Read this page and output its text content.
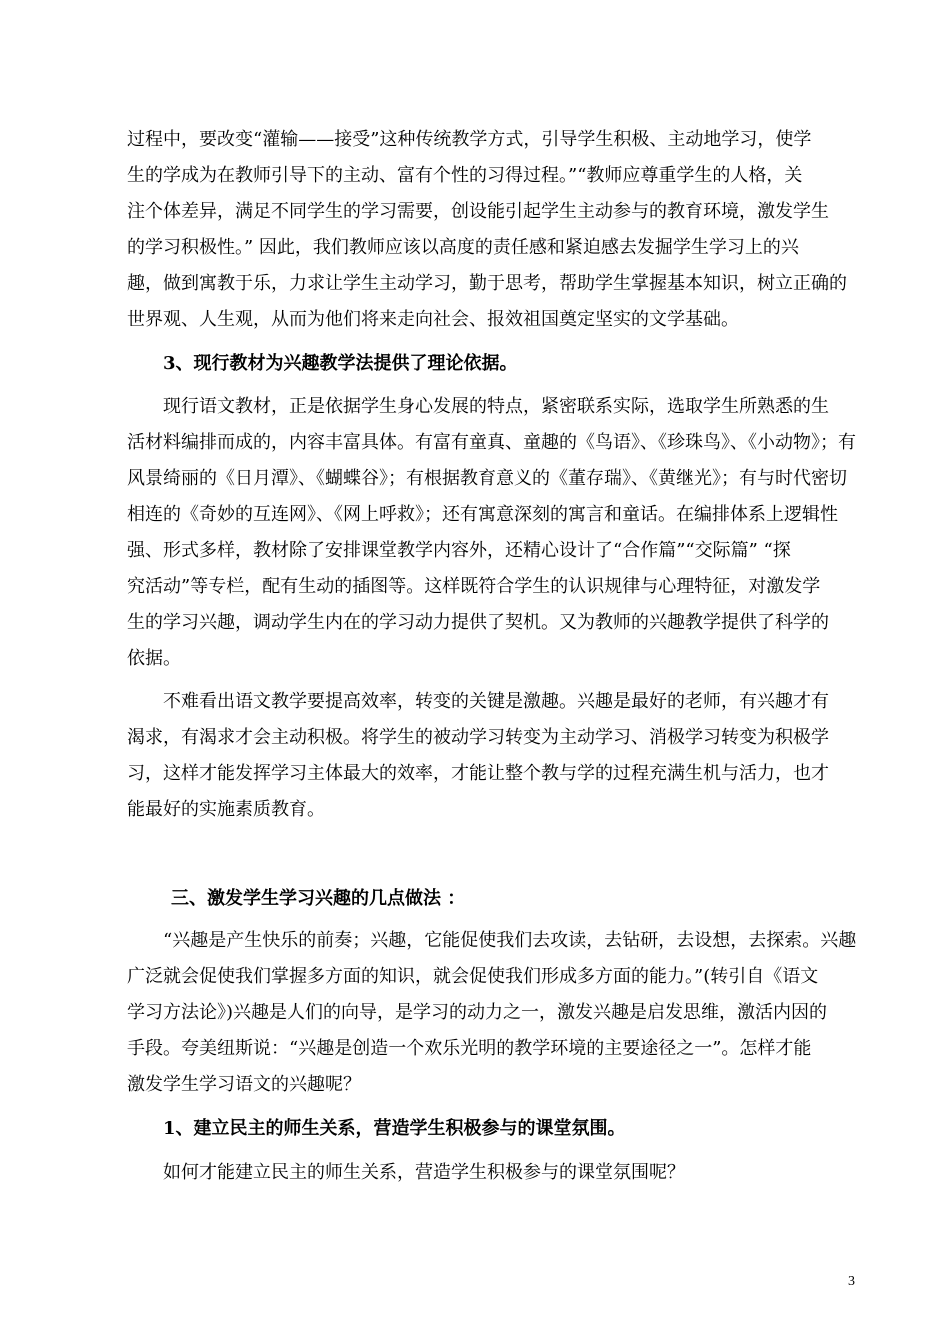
过程中，要改变“灌输——接受”这种传统教学方式，引导学生积极、主动地学习，使学
生的学成为在教师引导下的主动、富有个性的习得过程。”“教师应尊重学生的人格，关
注个体差异，满足不同学生的学习需要，创设能引起学生主动参与的教育环境，激发学生
的学习积极性。” 因此，我们教师应该以高度的责任感和紧迫感去发掘学生学习上的兴
趣，做到寓教于乐，力求让学生主动学习，勤于思考，帮助学生掌握基本知识，树立正确的
世界观、人生观，从而为他们将来走向社会、报效祖国奠定坚实的文学基础。
3、现行教材为兴趣教学法提供了理论依据。
现行语文教材，正是依据学生身心发展的特点，紧密联系实际，选取学生所熟悉的生
活材料编排而成的，内容丰富具体。有富有童真、童趣的《鸟语》、《珍珠鸟》、《小动物》；有
风景绮丽的《日月潭》、《蝴蝶谷》；有根据教育意义的《董存瑞》、《黄继光》；有与时代密切
相连的《奇妙的互连网》、《网上呼救》；还有寓意深刻的寓言和童话。在编排体系上逻辑性
强、形式多样，教材除了安排课堂教学内容外，还精心设计了“合作篇”“交际篇” “探
究活动”等专栏，配有生动的插图等。这样既符合学生的认识规律与心理特征，对激发学
生的学习兴趣，调动学生内在的学习动力提供了契机。又为教师的兴趣教学提供了科学的
依据。
不难看出语文教学要提高效率，转变的关键是激趣。兴趣是最好的老师，有兴趣才有
渴求，有渴求才会主动积极。将学生的被动学习转变为主动学习、消极学习转变为积极学
习，这样才能发挥学习主体最大的效率，才能让整个教与学的过程充满生机与活力，也才
能最好的实施素质教育。
三、激发学生学习兴趣的几点做法 ：
“兴趣是产生快乐的前奏；兴趣，它能促使我们去攻读，去钻研，去设想，去探索。兴趣
广泛就会促使我们掌握多方面的知识，就会促使我们形成多方面的能力。”(转引自《语文
学习方法论》)兴趣是人们的向导，是学习的动力之一，激发兴趣是启发思维，激活内因的
手段。夸美纽斯说：“兴趣是创造一个欢乐光明的教学环境的主要途径之一”。怎样才能
激发学生学习语文的兴趣呢？
1、建立民主的师生关系，营造学生积极参与的课堂氛围。
如何才能建立民主的师生关系，营造学生积极参与的课堂氛围呢？
3
